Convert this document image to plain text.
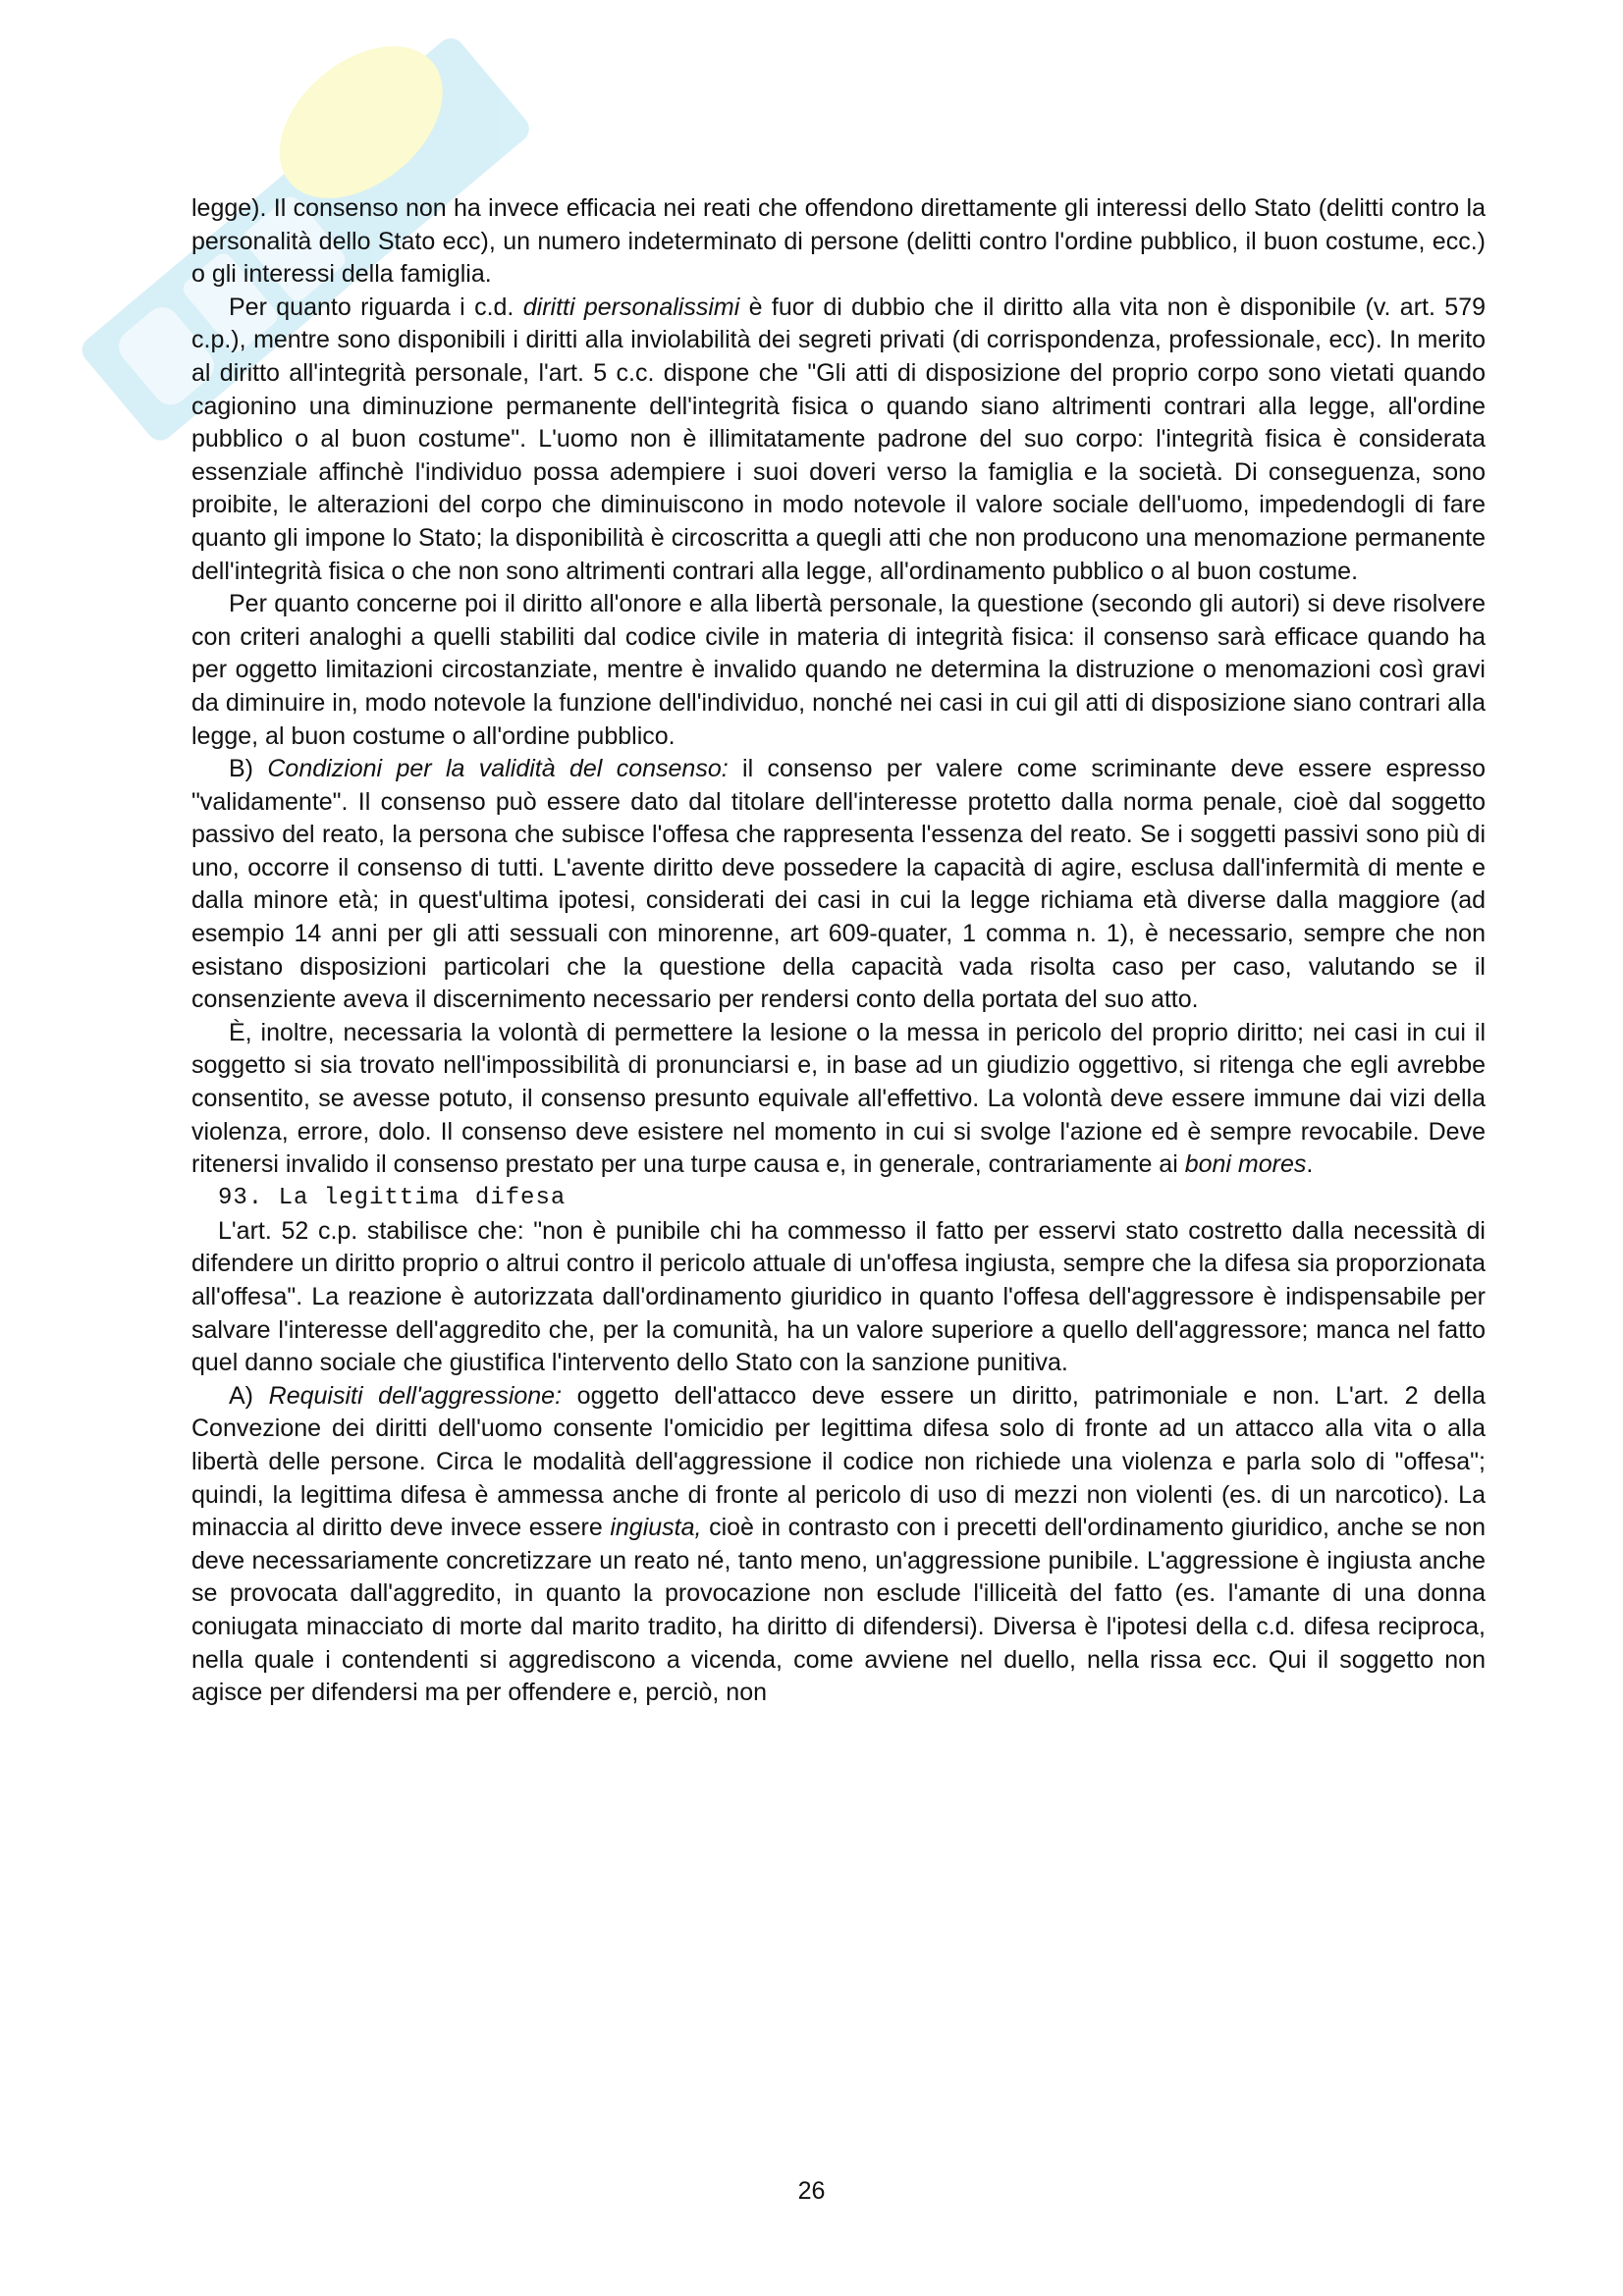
legge). Il consenso non ha invece efficacia nei reati che offendono direttamente gli interessi dello Stato (delitti contro la personalità dello Stato ecc), un numero indeterminato di persone (delitti contro l'ordine pubblico, il buon costume, ecc.) o gli interessi della famiglia.

Per quanto riguarda i c.d. diritti personalissimi è fuor di dubbio che il diritto alla vita non è disponibile (v. art. 579 c.p.), mentre sono disponibili i diritti alla inviolabilità dei segreti privati (di corrispondenza, professionale, ecc). In merito al diritto all'integrità personale, l'art. 5 c.c. dispone che "Gli atti di disposizione del proprio corpo sono vietati quando cagionino una diminuzione permanente dell'integrità fisica o quando siano altrimenti contrari alla legge, all'ordine pubblico o al buon costume". L'uomo non è illimitatamente padrone del suo corpo: l'integrità fisica è considerata essenziale affinchè l'individuo possa adempiere i suoi doveri verso la famiglia e la società. Di conseguenza, sono proibite, le alterazioni del corpo che diminuiscono in modo notevole il valore sociale dell'uomo, impedendogli di fare quanto gli impone lo Stato; la disponibilità è circoscritta a quegli atti che non producono una menomazione permanente dell'integrità fisica o che non sono altrimenti contrari alla legge, all'ordinamento pubblico o al buon costume.

Per quanto concerne poi il diritto all'onore e alla libertà personale, la questione (secondo gli autori) si deve risolvere con criteri analoghi a quelli stabiliti dal codice civile in materia di integrità fisica: il consenso sarà efficace quando ha per oggetto limitazioni circostanziate, mentre è invalido quando ne determina la distruzione o menomazioni così gravi da diminuire in, modo notevole la funzione dell'individuo, nonché nei casi in cui gil atti di disposizione siano contrari alla legge, al buon costume o all'ordine pubblico.

B) Condizioni per la validità del consenso: il consenso per valere come scriminante deve essere espresso "validamente". Il consenso può essere dato dal titolare dell'interesse protetto dalla norma penale, cioè dal soggetto passivo del reato, la persona che subisce l'offesa che rappresenta l'essenza del reato. Se i soggetti passivi sono più di uno, occorre il consenso di tutti. L'avente diritto deve possedere la capacità di agire, esclusa dall'infermità di mente e dalla minore età; in quest'ultima ipotesi, considerati dei casi in cui la legge richiama età diverse dalla maggiore (ad esempio 14 anni per gli atti sessuali con minorenne, art 609-quater, 1 comma n. 1), è necessario, sempre che non esistano disposizioni particolari che la questione della capacità vada risolta caso per caso, valutando se il consenziente aveva il discernimento necessario per rendersi conto della portata del suo atto.

È, inoltre, necessaria la volontà di permettere la lesione o la messa in pericolo del proprio diritto; nei casi in cui il soggetto si sia trovato nell'impossibilità di pronunciarsi e, in base ad un giudizio oggettivo, si ritenga che egli avrebbe consentito, se avesse potuto, il consenso presunto equivale all'effettivo. La volontà deve essere immune dai vizi della violenza, errore, dolo. Il consenso deve esistere nel momento in cui si svolge l'azione ed è sempre revocabile. Deve ritenersi invalido il consenso prestato per una turpe causa e, in generale, contrariamente ai boni mores.

93. La legittima difesa

L'art. 52 c.p. stabilisce che: "non è punibile chi ha commesso il fatto per esservi stato costretto dalla necessità di difendere un diritto proprio o altrui contro il pericolo attuale di un'offesa ingiusta, sempre che la difesa sia proporzionata all'offesa". La reazione è autorizzata dall'ordinamento giuridico in quanto l'offesa dell'aggressore è indispensabile per salvare l'interesse dell'aggredito che, per la comunità, ha un valore superiore a quello dell'aggressore; manca nel fatto quel danno sociale che giustifica l'intervento dello Stato con la sanzione punitiva.

A) Requisiti dell'aggressione: oggetto dell'attacco deve essere un diritto, patrimoniale e non. L'art. 2 della Convezione dei diritti dell'uomo consente l'omicidio per legittima difesa solo di fronte ad un attacco alla vita o alla libertà delle persone. Circa le modalità dell'aggressione il codice non richiede una violenza e parla solo di "offesa"; quindi, la legittima difesa è ammessa anche di fronte al pericolo di uso di mezzi non violenti (es. di un narcotico). La minaccia al diritto deve invece essere ingiusta, cioè in contrasto con i precetti dell'ordinamento giuridico, anche se non deve necessariamente concretizzare un reato né, tanto meno, un'aggressione punibile. L'aggressione è ingiusta anche se provocata dall'aggredito, in quanto la provocazione non esclude l'illiceità del fatto (es. l'amante di una donna coniugata minacciato di morte dal marito tradito, ha diritto di difendersi). Diversa è l'ipotesi della c.d. difesa reciproca, nella quale i contendenti si aggrediscono a vicenda, come avviene nel duello, nella rissa ecc. Qui il soggetto non agisce per difendersi ma per offendere e, perciò, non

26
